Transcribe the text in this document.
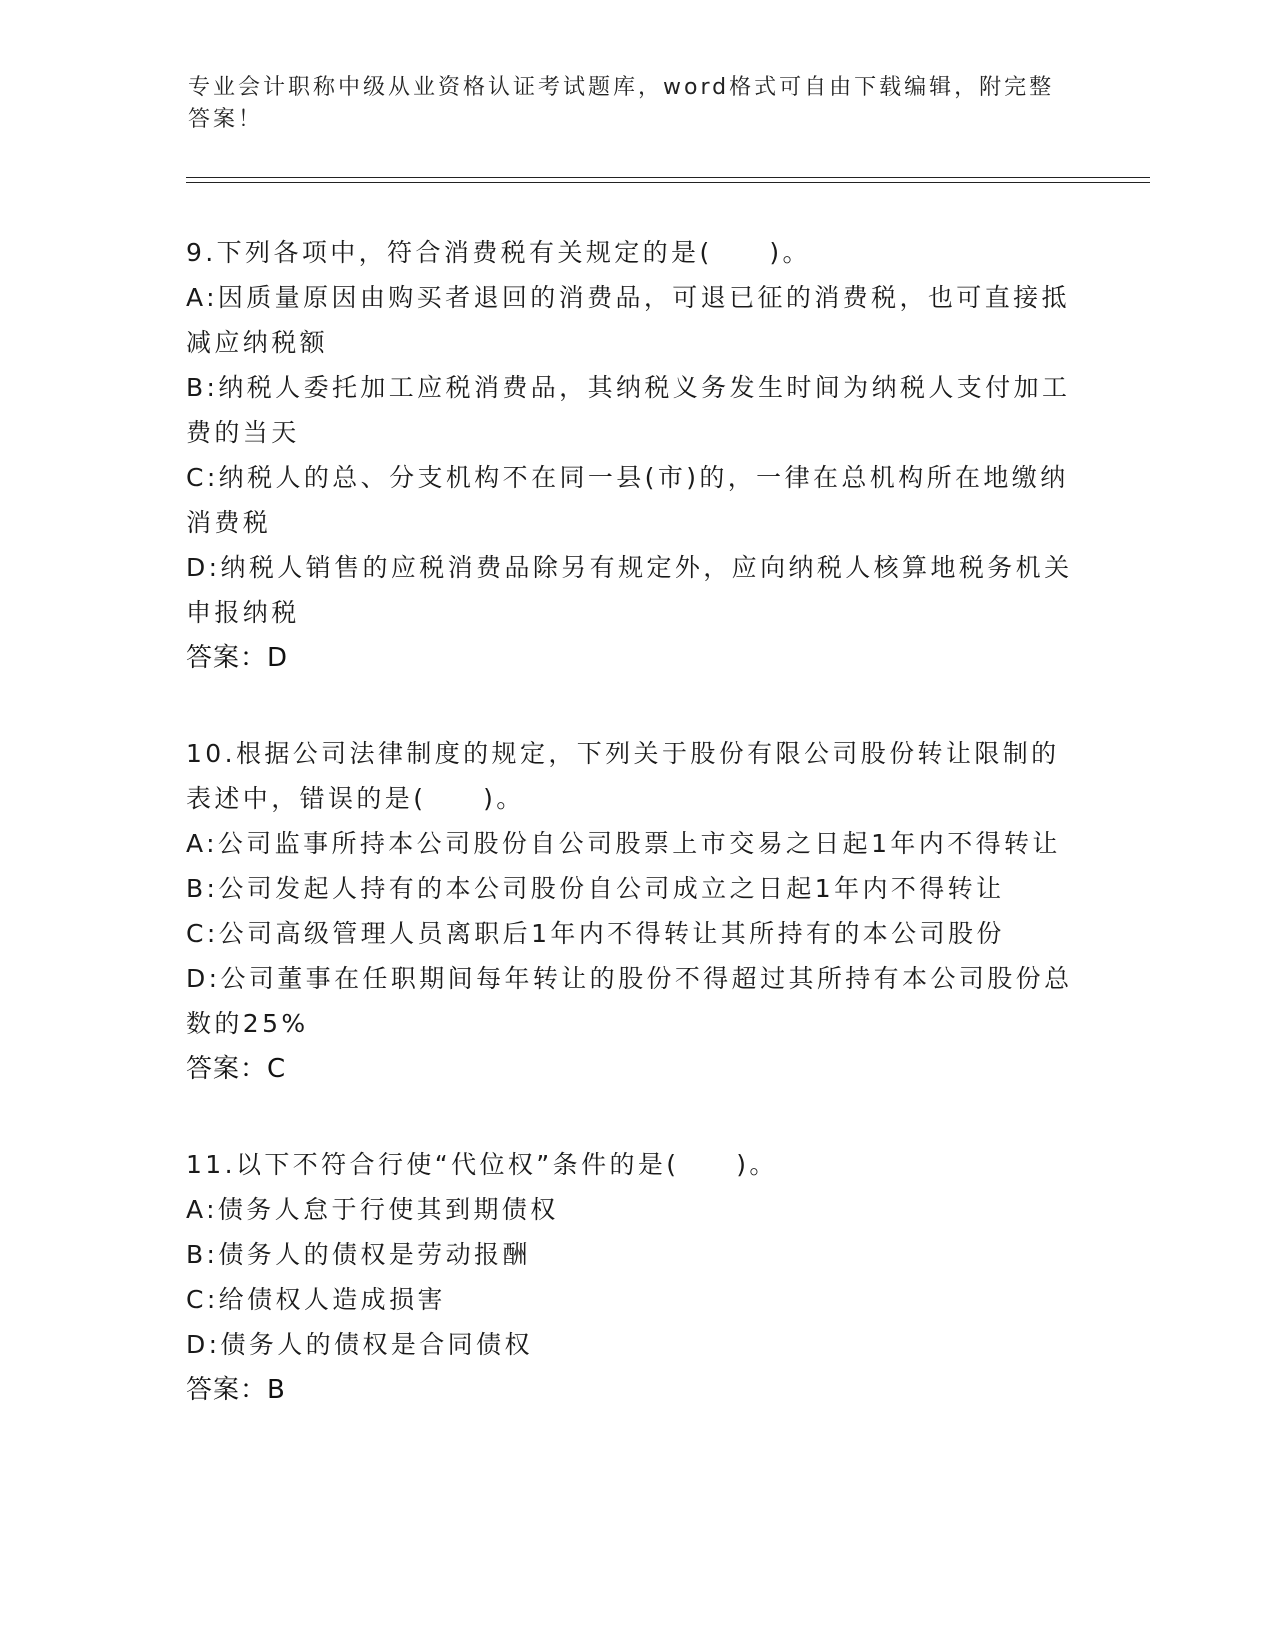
专业会计职称中级从业资格认证考试题库，word格式可自由下载编辑，附完整答案！
9.下列各项中，符合消费税有关规定的是(　　)。
A:因质量原因由购买者退回的消费品，可退已征的消费税，也可直接抵减应纳税额
B:纳税人委托加工应税消费品，其纳税义务发生时间为纳税人支付加工费的当天
C:纳税人的总、分支机构不在同一县(市)的，一律在总机构所在地缴纳消费税
D:纳税人销售的应税消费品除另有规定外，应向纳税人核算地税务机关申报纳税
答案：D
10.根据公司法律制度的规定，下列关于股份有限公司股份转让限制的表述中，错误的是(　　)。
A:公司监事所持本公司股份自公司股票上市交易之日起1年内不得转让
B:公司发起人持有的本公司股份自公司成立之日起1年内不得转让
C:公司高级管理人员离职后1年内不得转让其所持有的本公司股份
D:公司董事在任职期间每年转让的股份不得超过其所持有本公司股份总数的25%
答案：C
11.以下不符合行使“代位权”条件的是(　　)。
A:债务人怠于行使其到期债权
B:债务人的债权是劳动报酬
C:给债权人造成损害
D:债务人的债权是合同债权
答案：B
